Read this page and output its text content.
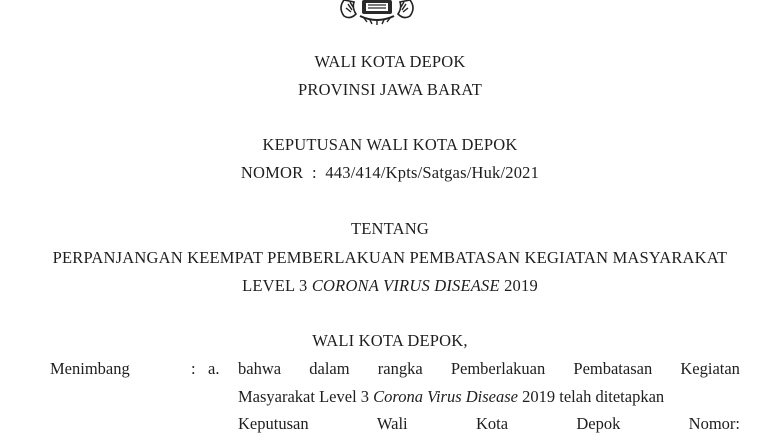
WALI KOTA DEPOK
PROVINSI JAWA BARAT
KEPUTUSAN WALI KOTA DEPOK
NOMOR  :  443/414/Kpts/Satgas/Huk/2021
TENTANG
PERPANJANGAN KEEMPAT PEMBERLAKUAN PEMBATASAN KEGIATAN MASYARAKAT
LEVEL 3 CORONA VIRUS DISEASE 2019
WALI KOTA DEPOK,
Menimbang	: a. bahwa dalam rangka Pemberlakuan Pembatasan Kegiatan
Masyarakat Level 3 Corona Virus Disease 2019 telah ditetapkan
Keputusan	Wali	Kota	Depok	Nomor:
